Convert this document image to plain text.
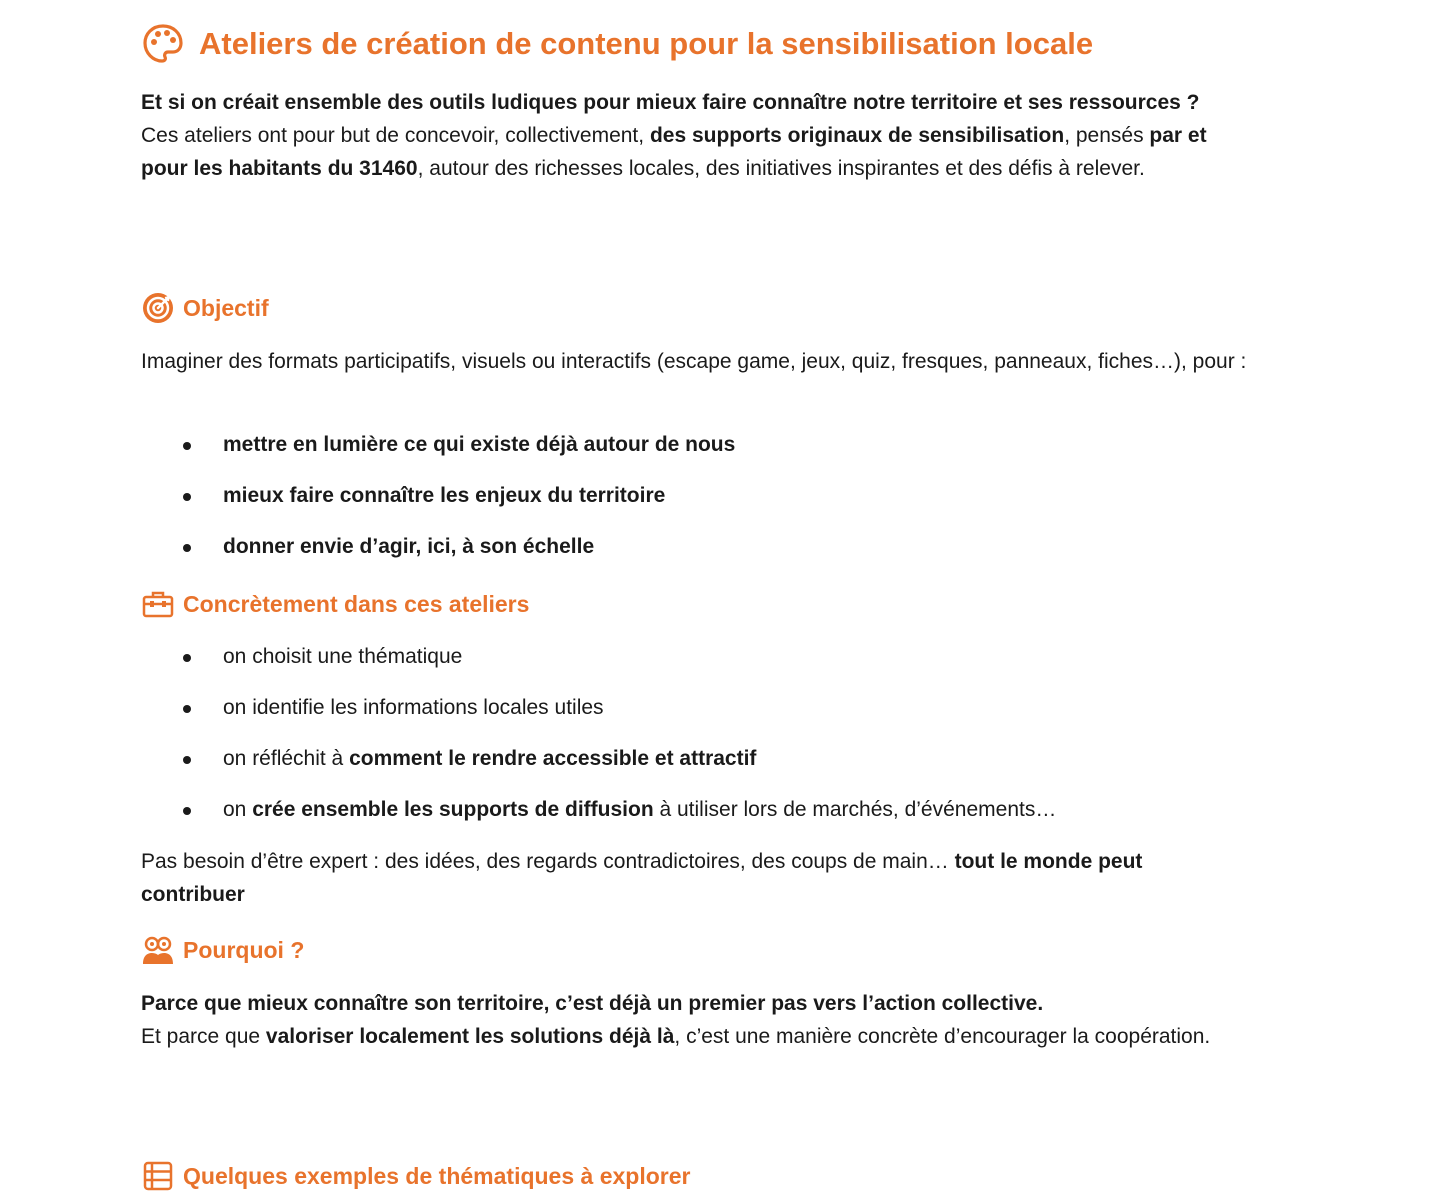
Ateliers de création de contenu pour la sensibilisation locale
Et si on créait ensemble des outils ludiques pour mieux faire connaître notre territoire et ses ressources ?
Ces ateliers ont pour but de concevoir, collectivement, des supports originaux de sensibilisation, pensés par et pour les habitants du 31460, autour des richesses locales, des initiatives inspirantes et des défis à relever.
Objectif
Imaginer des formats participatifs, visuels ou interactifs (escape game, jeux, quiz, fresques, panneaux, fiches…), pour :
mettre en lumière ce qui existe déjà autour de nous
mieux faire connaître les enjeux du territoire
donner envie d’agir, ici, à son échelle
Concrètement dans ces ateliers
on choisit une thématique
on identifie les informations locales utiles
on réfléchit à comment le rendre accessible et attractif
on crée ensemble les supports de diffusion à utiliser lors de marchés, d’événements…
Pas besoin d’être expert : des idées, des regards contradictoires, des coups de main… tout le monde peut contribuer
Pourquoi ?
Parce que mieux connaître son territoire, c’est déjà un premier pas vers l’action collective.
Et parce que valoriser localement les solutions déjà là, c’est une manière concrète d’encourager la coopération.
Quelques exemples de thématiques à explorer
